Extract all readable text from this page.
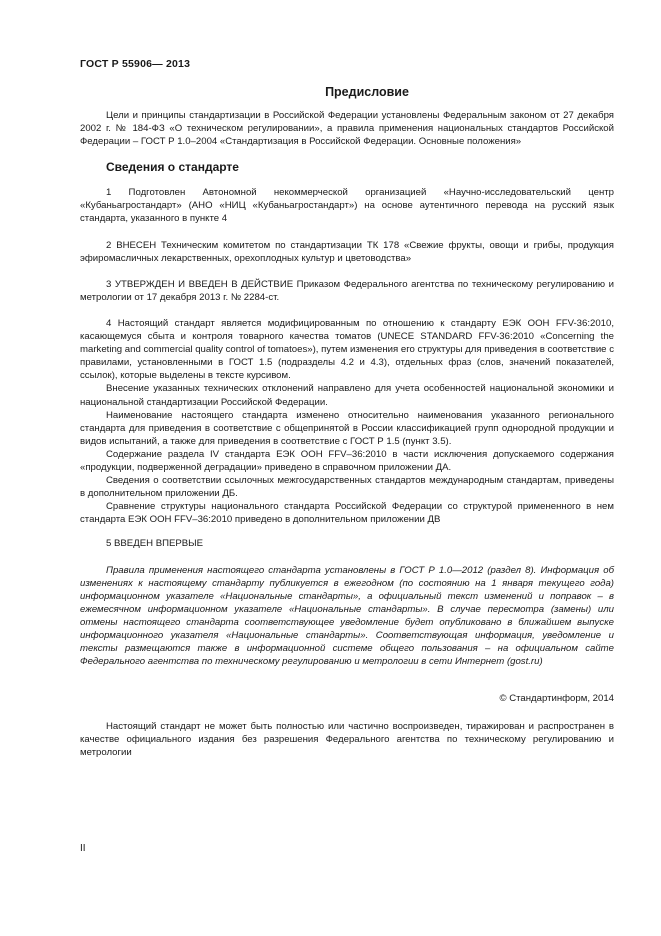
ГОСТ Р 55906— 2013
Предисловие

Цели и принципы стандартизации в Российской Федерации установлены Федеральным законом от 27 декабря 2002 г. № 184-ФЗ «О техническом регулировании», а правила применения национальных стандартов Российской Федерации – ГОСТ Р 1.0–2004 «Стандартизация в Российской Федерации. Основные положения»

Сведения о стандарте

1 Подготовлен Автономной некоммерческой организацией «Научно-исследовательский центр «Кубаньагростандарт» (АНО «НИЦ «Кубаньагростандарт») на основе аутентичного перевода на русский язык стандарта, указанного в пункте 4

2 ВНЕСЕН Техническим комитетом по стандартизации ТК 178 «Свежие фрукты, овощи и грибы, продукция эфиромасличных лекарственных, орехоплодных культур и цветоводства»

3 УТВЕРЖДЕН И ВВЕДЕН В ДЕЙСТВИЕ Приказом Федерального агентства по техническому регулированию и метрологии от 17 декабря 2013 г. № 2284-ст.

4 Настоящий стандарт является модифицированным по отношению к стандарту ЕЭК ООН FFV-36:2010, касающемуся сбыта и контроля товарного качества томатов (UNECE STANDARD FFV-36:2010 «Concerning the marketing and commercial quality control of tomatoes»), путем изменения его структуры для приведения в соответствие с правилами, установленными в ГОСТ 1.5 (подразделы 4.2 и 4.3), отдельных фраз (слов, значений показателей, ссылок), которые выделены в тексте курсивом.

Внесение указанных технических отклонений направлено для учета особенностей национальной экономики и национальной стандартизации Российской Федерации.

Наименование настоящего стандарта изменено относительно наименования указанного регионального стандарта для приведения в соответствие с общепринятой в России классификацией групп однородной продукции и видов испытаний, а также для приведения в соответствие с ГОСТ Р 1.5 (пункт 3.5).

Содержание раздела IV стандарта ЕЭК ООН FFV–36:2010 в части исключения допускаемого содержания «продукции, подверженной деградации» приведено в справочном приложении ДА.

Сведения о соответствии ссылочных межгосударственных стандартов международным стандартам, приведены в дополнительном приложении ДБ.

Сравнение структуры национального стандарта Российской Федерации со структурой примененного в нем стандарта ЕЭК ООН FFV–36:2010 приведено в дополнительном приложении ДВ

5 ВВЕДЕН ВПЕРВЫЕ

Правила применения настоящего стандарта установлены в ГОСТ Р 1.0—2012 (раздел 8). Информация об изменениях к настоящему стандарту публикуется в ежегодном (по состоянию на 1 января текущего года) информационном указателе «Национальные стандарты», а официальный текст изменений и поправок – в ежемесячном информационном указателе «Национальные стандарты». В случае пересмотра (замены) или отмены настоящего стандарта соответствующее уведомление будет опубликовано в ближайшем выпуске информационного указателя «Национальные стандарты». Соответствующая информация, уведомление и тексты размещаются также в информационной системе общего пользования – на официальном сайте Федерального агентства по техническому регулированию и метрологии в сети Интернет (gost.ru)

© Стандартинформ, 2014

Настоящий стандарт не может быть полностью или частично воспроизведен, тиражирован и распространен в качестве официального издания без разрешения Федерального агентства по техническому регулированию и метрологии

II
